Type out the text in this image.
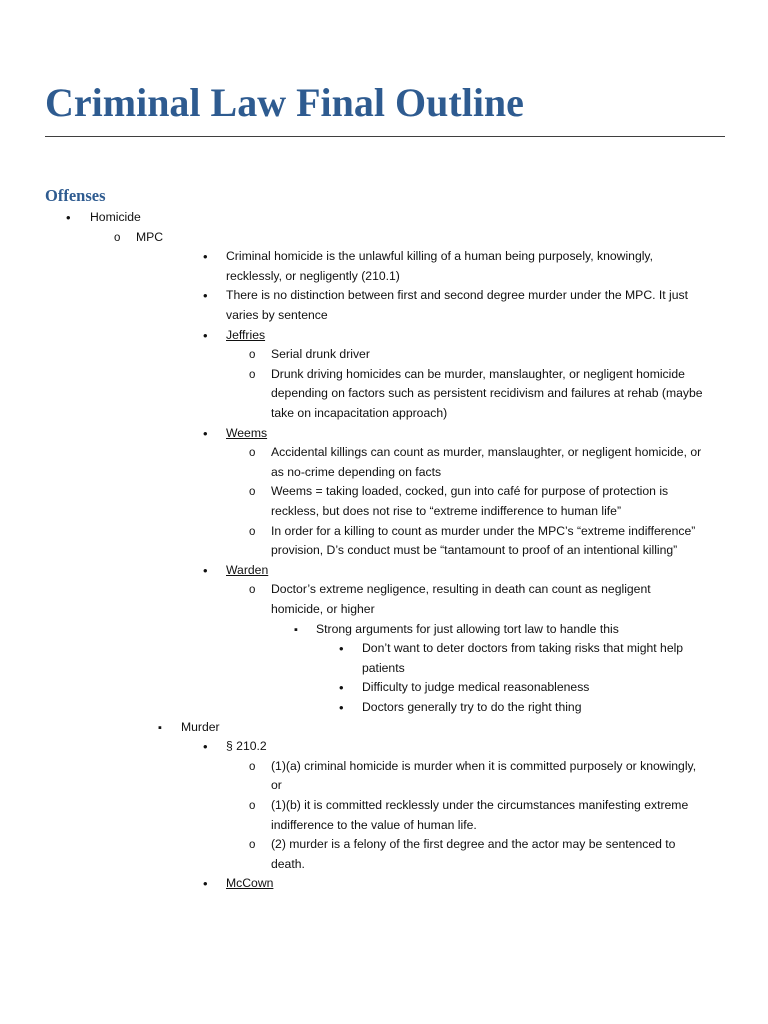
Criminal Law Final Outline
Offenses
•
Homicide
o
MPC
•
Criminal homicide is the unlawful killing of a human being purposely, knowingly,
recklessly, or negligently (210.1)
•
There is no distinction between first and second degree murder under the MPC. It just
varies by sentence
•
Jeffries
o
Serial drunk driver
o
Drunk driving homicides can be murder, manslaughter, or negligent homicide
depending on factors such as persistent recidivism and failures at rehab (maybe
take on incapacitation approach)
•
Weems
o
Accidental killings can count as murder, manslaughter, or negligent homicide, or
as no-crime depending on facts
o
Weems = taking loaded, cocked, gun into café for purpose of protection is
reckless, but does not rise to “extreme indifference to human life”
o
In order for a killing to count as murder under the MPC’s “extreme indifference”
provision, D’s conduct must be “tantamount to proof of an intentional killing”
•
Warden
o
Doctor’s extreme negligence, resulting in death can count as negligent
homicide, or higher
▪
Strong arguments for just allowing tort law to handle this
•
Don’t want to deter doctors from taking risks that might help
patients
•
Difficulty to judge medical reasonableness
•
Doctors generally try to do the right thing
▪
Murder
•
§ 210.2
o
(1)(a) criminal homicide is murder when it is committed purposely or knowingly,
or
o
(1)(b) it is committed recklessly under the circumstances manifesting extreme
indifference to the value of human life.
o
(2) murder is a felony of the first degree and the actor may be sentenced to
death.
•
McCown
